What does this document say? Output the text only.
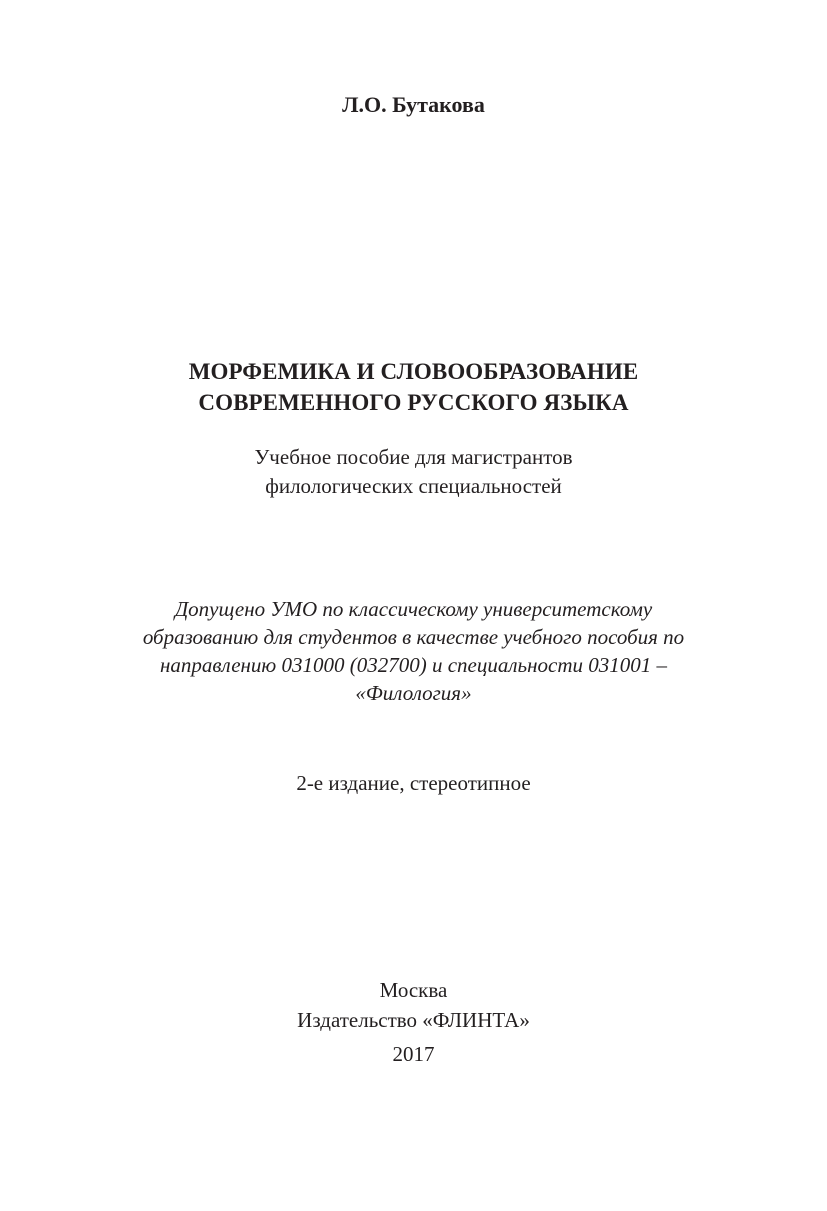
Л.О. Бутакова
МОРФЕМИКА И СЛОВООБРАЗОВАНИЕ
СОВРЕМЕННОГО РУССКОГО ЯЗЫКА
Учебное пособие для магистрантов
филологических специальностей
Допущено УМО по классическому университетскому
образованию для студентов в качестве учебного пособия по
направлению 031000 (032700) и специальности 031001 –
«Филология»
2-е издание, стереотипное
Москва
Издательство «ФЛИНТА»
2017
